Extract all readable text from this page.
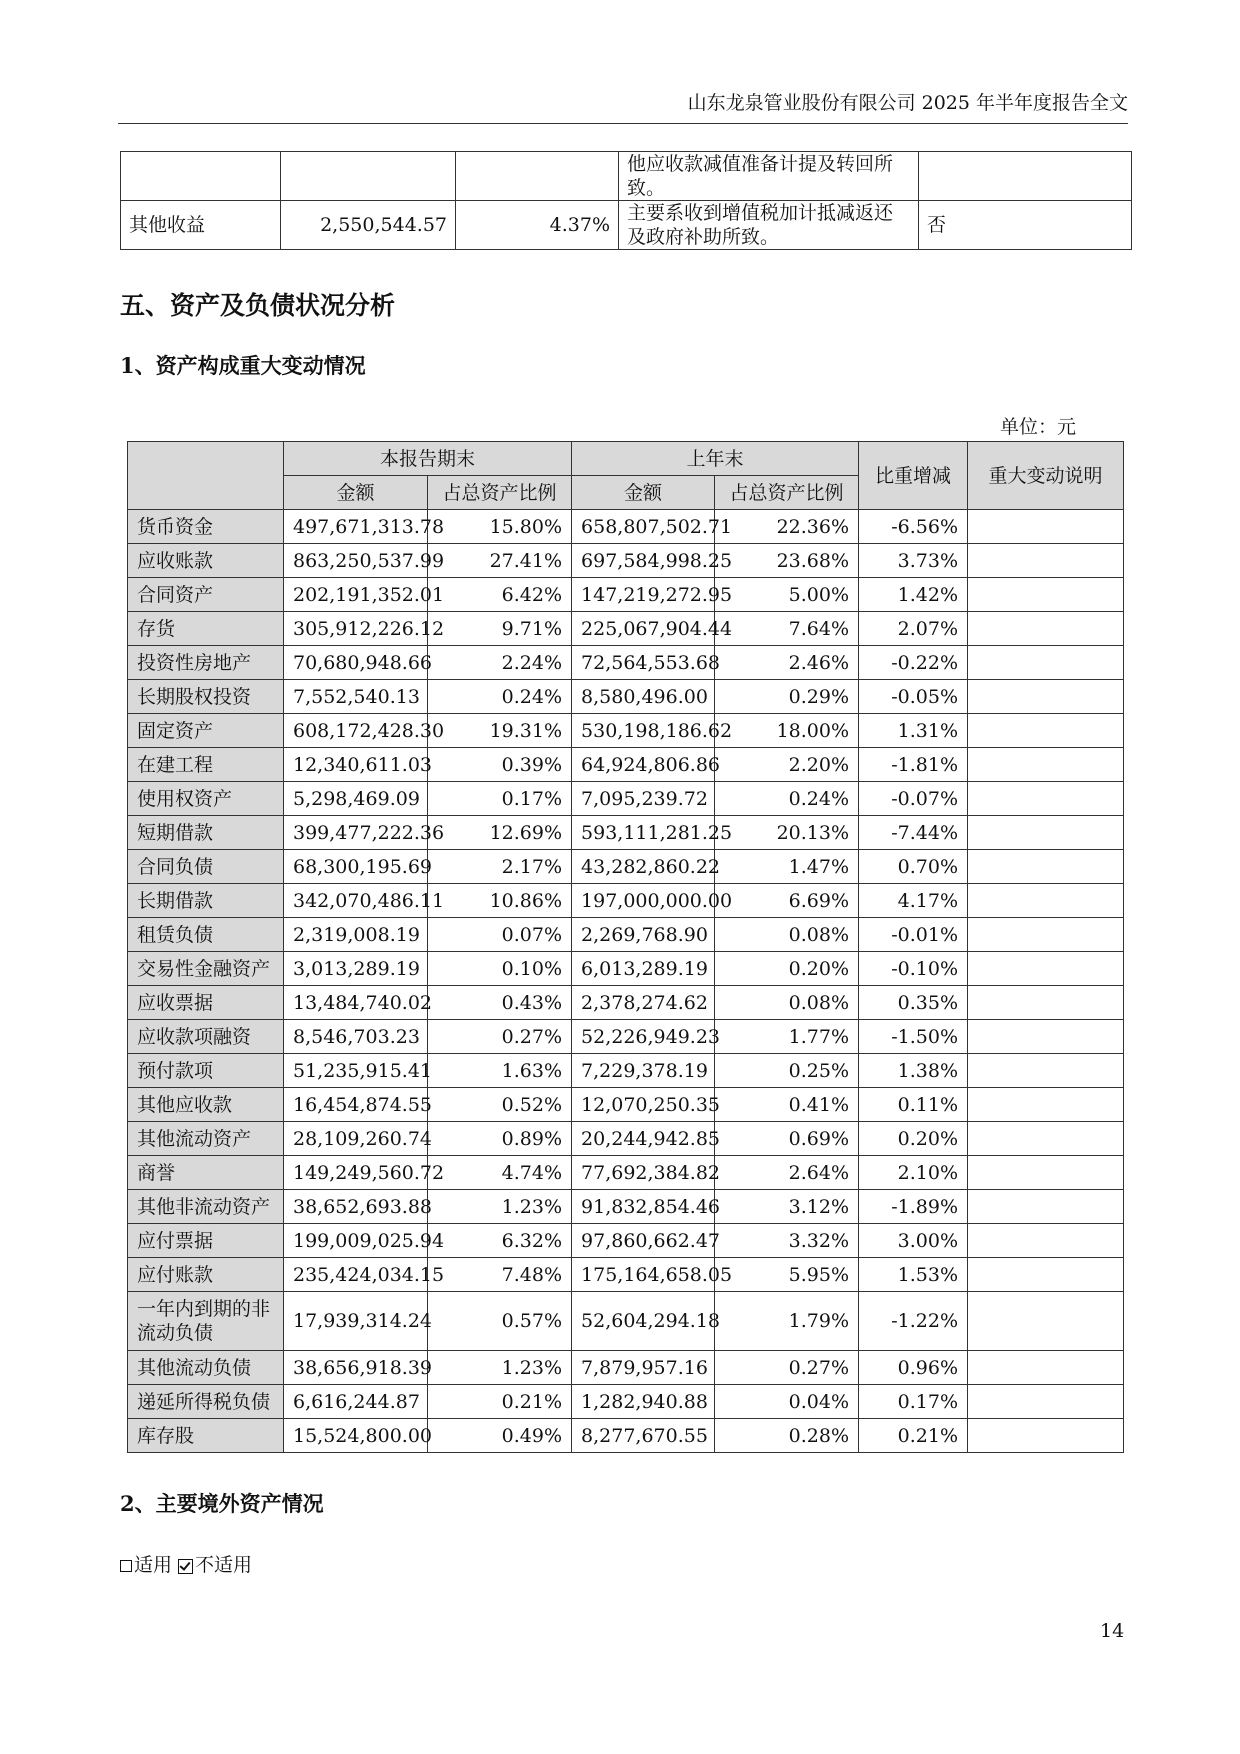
山东龙泉管业股份有限公司 2025 年半年度报告全文
			他应收款减值准备计提及转回所致。	
其他收益	2,550,544.57	4.37%	主要系收到增值税加计抵减返还及政府补助所致。	否
五、资产及负债状况分析
1、资产构成重大变动情况
单位：元
	本报告期末		上年末		比重增减	重大变动说明
	金额	占总资产比例	金额	占总资产比例		
货币资金	497,671,313.78	15.80%	658,807,502.71	22.36%	-6.56%	
应收账款	863,250,537.99	27.41%	697,584,998.25	23.68%	3.73%	
合同资产	202,191,352.01	6.42%	147,219,272.95	5.00%	1.42%	
存货	305,912,226.12	9.71%	225,067,904.44	7.64%	2.07%	
投资性房地产	70,680,948.66	2.24%	72,564,553.68	2.46%	-0.22%	
长期股权投资	7,552,540.13	0.24%	8,580,496.00	0.29%	-0.05%	
固定资产	608,172,428.30	19.31%	530,198,186.62	18.00%	1.31%	
在建工程	12,340,611.03	0.39%	64,924,806.86	2.20%	-1.81%	
使用权资产	5,298,469.09	0.17%	7,095,239.72	0.24%	-0.07%	
短期借款	399,477,222.36	12.69%	593,111,281.25	20.13%	-7.44%	
合同负债	68,300,195.69	2.17%	43,282,860.22	1.47%	0.70%	
长期借款	342,070,486.11	10.86%	197,000,000.00	6.69%	4.17%	
租赁负债	2,319,008.19	0.07%	2,269,768.90	0.08%	-0.01%	
交易性金融资产	3,013,289.19	0.10%	6,013,289.19	0.20%	-0.10%	
应收票据	13,484,740.02	0.43%	2,378,274.62	0.08%	0.35%	
应收款项融资	8,546,703.23	0.27%	52,226,949.23	1.77%	-1.50%	
预付款项	51,235,915.41	1.63%	7,229,378.19	0.25%	1.38%	
其他应收款	16,454,874.55	0.52%	12,070,250.35	0.41%	0.11%	
其他流动资产	28,109,260.74	0.89%	20,244,942.85	0.69%	0.20%	
商誉	149,249,560.72	4.74%	77,692,384.82	2.64%	2.10%	
其他非流动资产	38,652,693.88	1.23%	91,832,854.46	3.12%	-1.89%	
应付票据	199,009,025.94	6.32%	97,860,662.47	3.32%	3.00%	
应付账款	235,424,034.15	7.48%	175,164,658.05	5.95%	1.53%	
一年内到期的非流动负债	17,939,314.24	0.57%	52,604,294.18	1.79%	-1.22%	
其他流动负债	38,656,918.39	1.23%	7,879,957.16	0.27%	0.96%	
递延所得税负债	6,616,244.87	0.21%	1,282,940.88	0.04%	0.17%	
库存股	15,524,800.00	0.49%	8,277,670.55	0.28%	0.21%	
2、主要境外资产情况
适用 不适用
14
